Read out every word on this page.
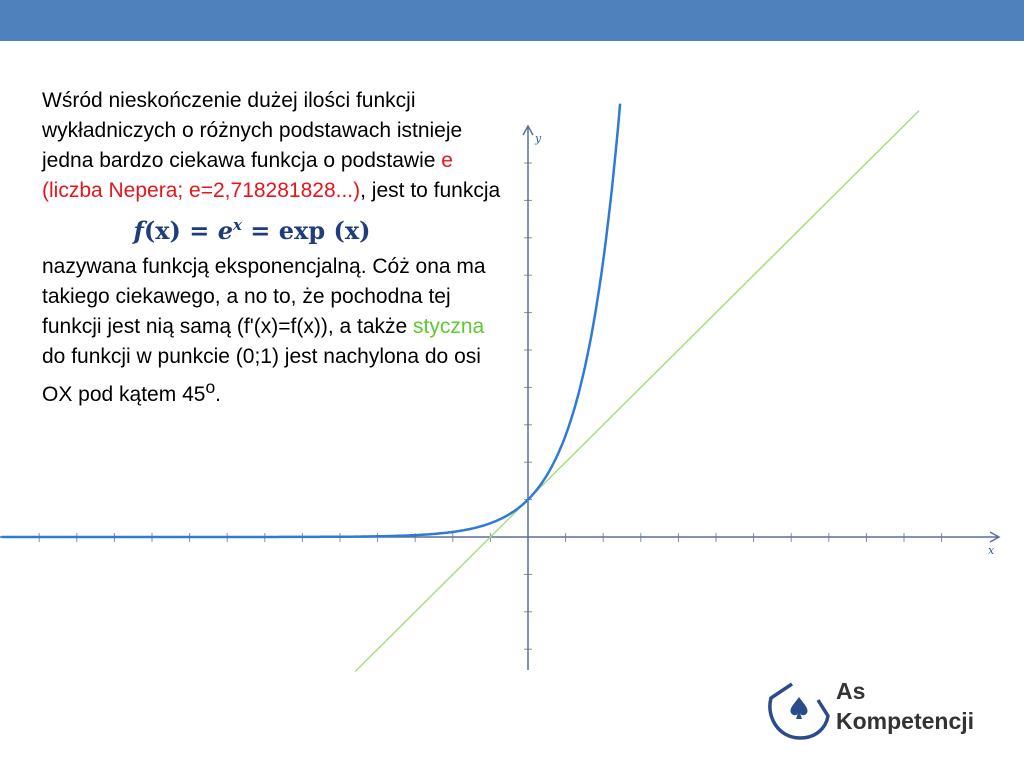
Wśród nieskończenie dużej ilości funkcji wykładniczych o różnych podstawach istnieje jedna bardzo ciekawa funkcja o podstawie e (liczba Nepera; e=2,718281828...), jest to funkcja

$f(x) = e^x = \exp (x)$

nazywana funkcją eksponencjalną. Cóż ona ma takiego ciekawego, a no to, że pochodna tej funkcji jest nią samą (f'(x)=f(x)), a także styczna do funkcji w punkcie (0;1) jest nachylona do osi OX pod kątem 45$^o$.

x
y
As
Kompetencji
